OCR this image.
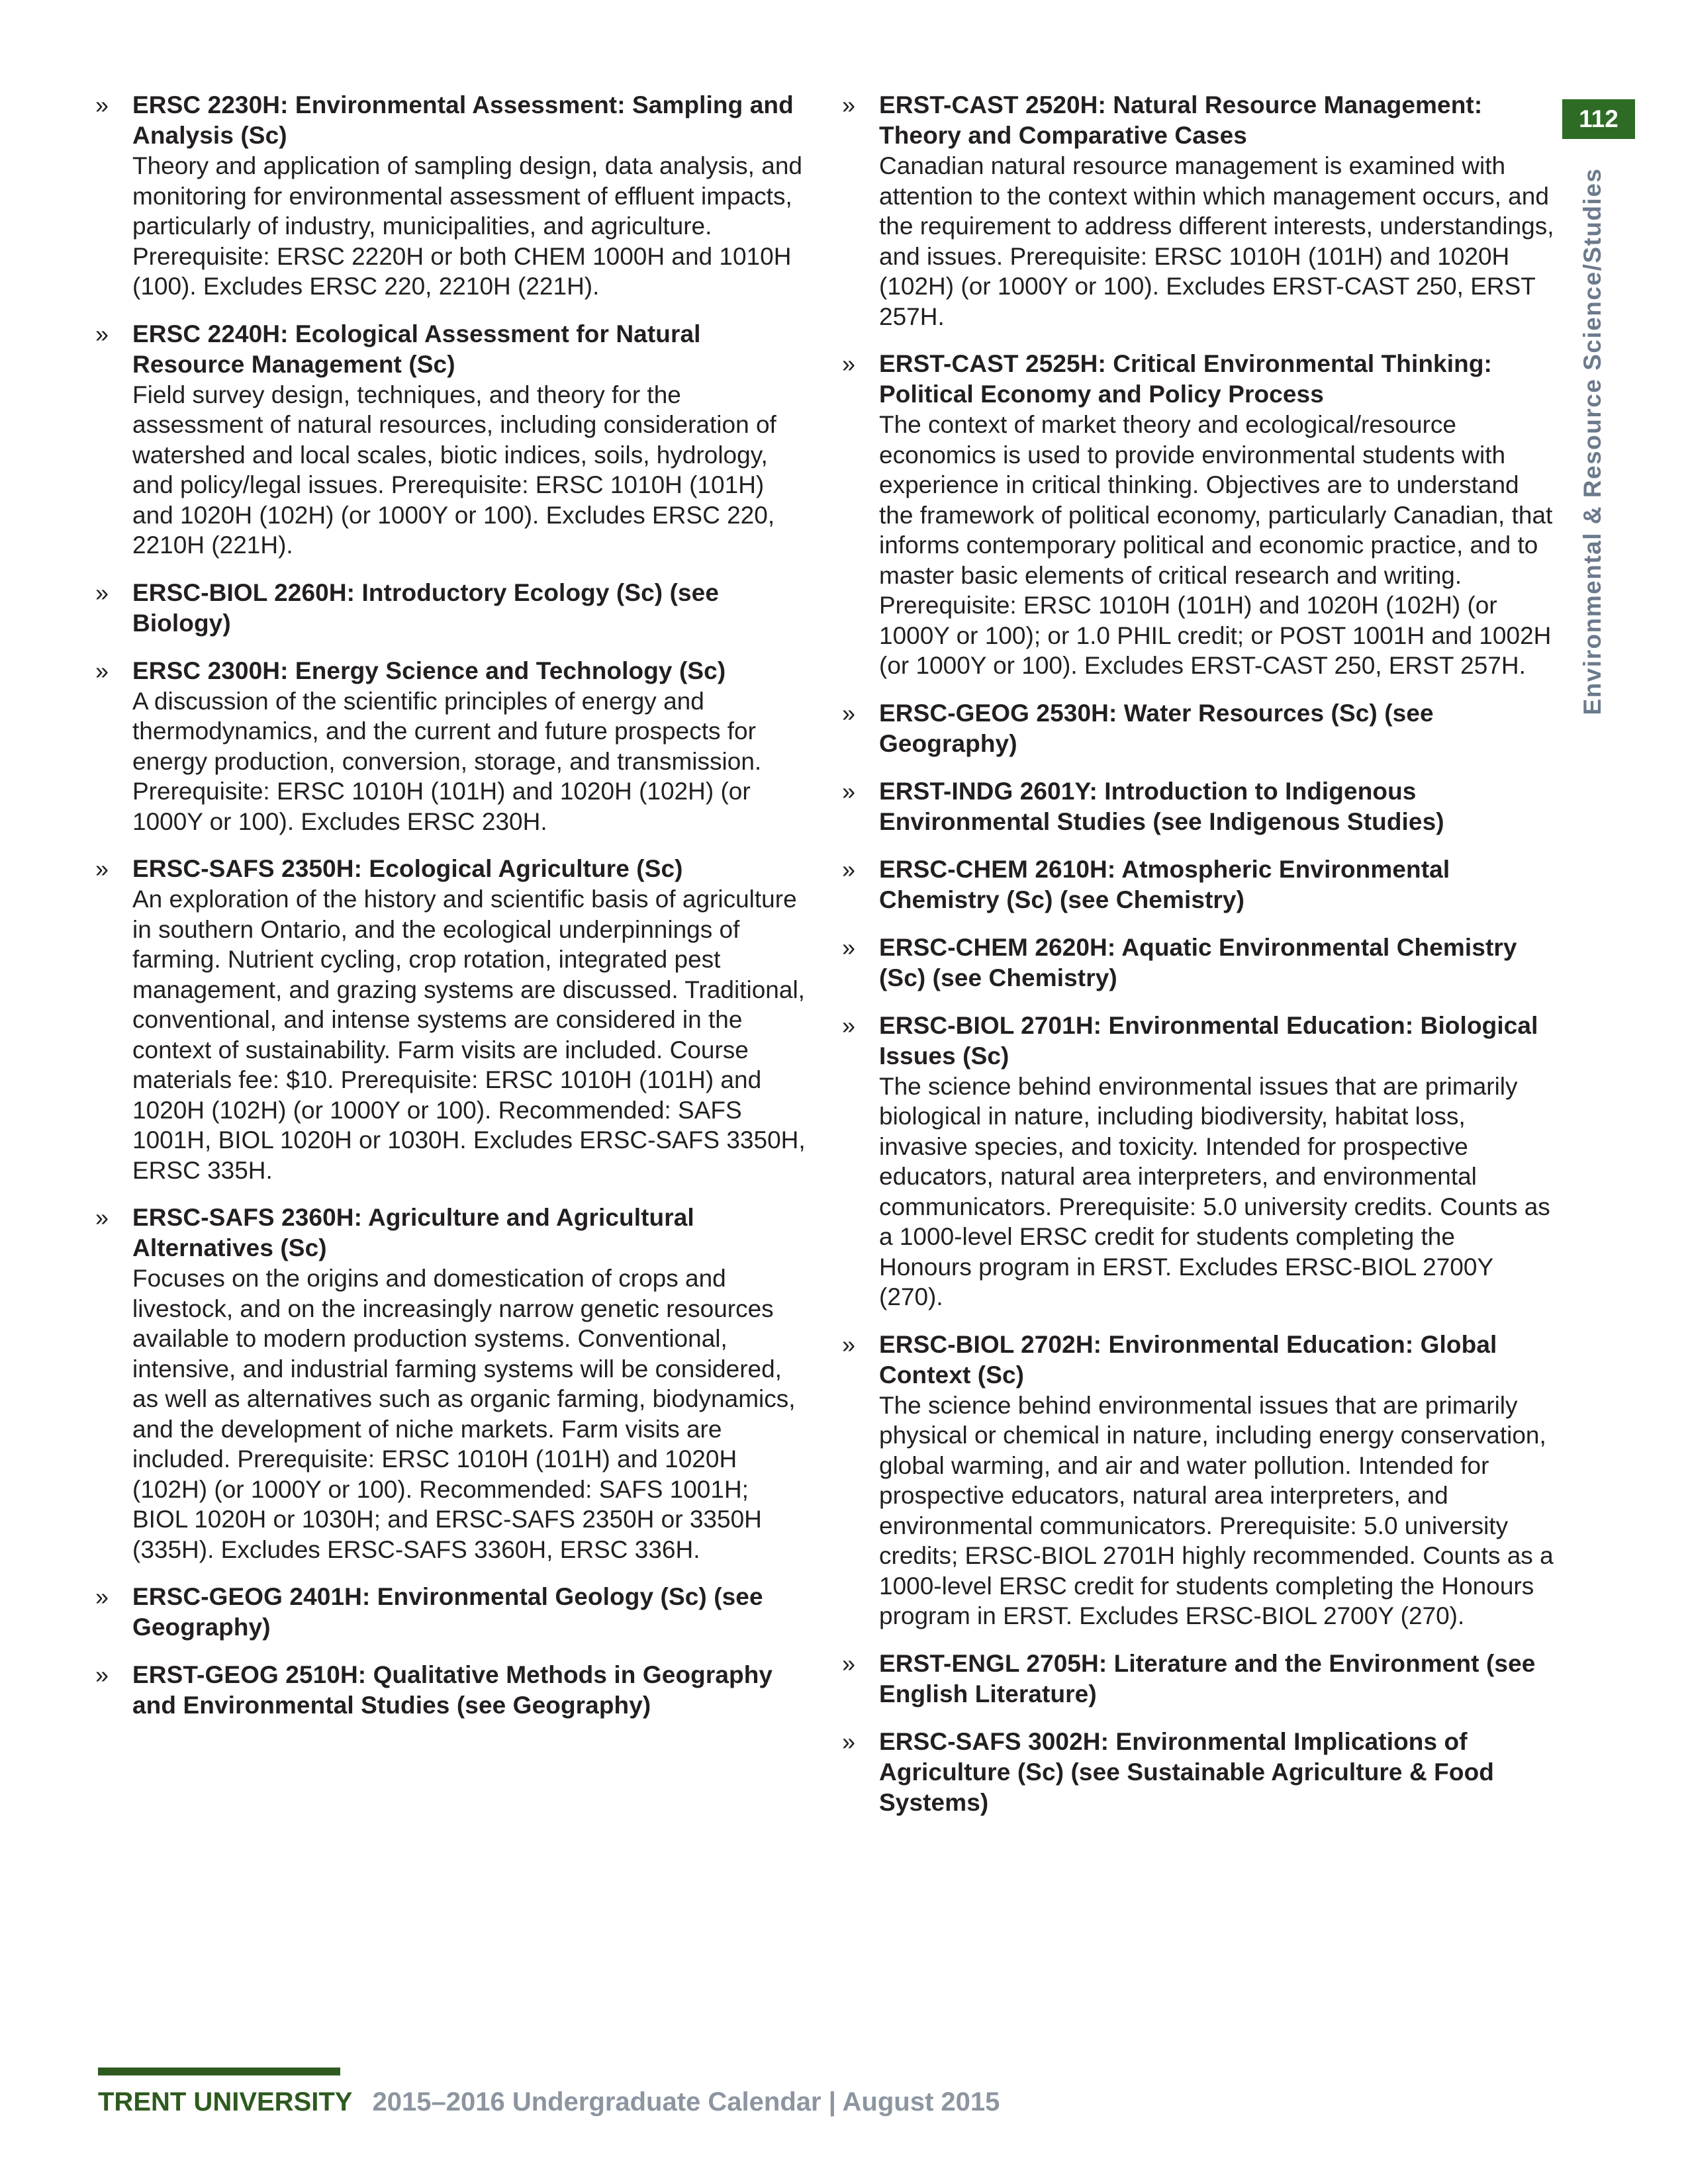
» ERSC 2230H: Environmental Assessment: Sampling and Analysis (Sc)
Theory and application of sampling design, data analysis, and monitoring for environmental assessment of effluent impacts, particularly of industry, municipalities, and agriculture. Prerequisite: ERSC 2220H or both CHEM 1000H and 1010H (100). Excludes ERSC 220, 2210H (221H).
» ERSC 2240H: Ecological Assessment for Natural Resource Management (Sc)
Field survey design, techniques, and theory for the assessment of natural resources, including consideration of watershed and local scales, biotic indices, soils, hydrology, and policy/legal issues. Prerequisite: ERSC 1010H (101H) and 1020H (102H) (or 1000Y or 100). Excludes ERSC 220, 2210H (221H).
» ERSC-BIOL 2260H: Introductory Ecology (Sc) (see Biology)
» ERSC 2300H: Energy Science and Technology (Sc)
A discussion of the scientific principles of energy and thermodynamics, and the current and future prospects for energy production, conversion, storage, and transmission. Prerequisite: ERSC 1010H (101H) and 1020H (102H) (or 1000Y or 100). Excludes ERSC 230H.
» ERSC-SAFS 2350H: Ecological Agriculture (Sc)
An exploration of the history and scientific basis of agriculture in southern Ontario, and the ecological underpinnings of farming. Nutrient cycling, crop rotation, integrated pest management, and grazing systems are discussed. Traditional, conventional, and intense systems are considered in the context of sustainability. Farm visits are included. Course materials fee: $10. Prerequisite: ERSC 1010H (101H) and 1020H (102H) (or 1000Y or 100). Recommended: SAFS 1001H, BIOL 1020H or 1030H. Excludes ERSC-SAFS 3350H, ERSC 335H.
» ERSC-SAFS 2360H: Agriculture and Agricultural Alternatives (Sc)
Focuses on the origins and domestication of crops and livestock, and on the increasingly narrow genetic resources available to modern production systems. Conventional, intensive, and industrial farming systems will be considered, as well as alternatives such as organic farming, biodynamics, and the development of niche markets. Farm visits are included. Prerequisite: ERSC 1010H (101H) and 1020H (102H) (or 1000Y or 100). Recommended: SAFS 1001H; BIOL 1020H or 1030H; and ERSC-SAFS 2350H or 3350H (335H). Excludes ERSC-SAFS 3360H, ERSC 336H.
» ERSC-GEOG 2401H: Environmental Geology (Sc) (see Geography)
» ERST-GEOG 2510H: Qualitative Methods in Geography and Environmental Studies (see Geography)
» ERST-CAST 2520H: Natural Resource Management: Theory and Comparative Cases
Canadian natural resource management is examined with attention to the context within which management occurs, and the requirement to address different interests, understandings, and issues. Prerequisite: ERSC 1010H (101H) and 1020H (102H) (or 1000Y or 100). Excludes ERST-CAST 250, ERST 257H.
» ERST-CAST 2525H: Critical Environmental Thinking: Political Economy and Policy Process
The context of market theory and ecological/resource economics is used to provide environmental students with experience in critical thinking. Objectives are to understand the framework of political economy, particularly Canadian, that informs contemporary political and economic practice, and to master basic elements of critical research and writing. Prerequisite: ERSC 1010H (101H) and 1020H (102H) (or 1000Y or 100); or 1.0 PHIL credit; or POST 1001H and 1002H (or 1000Y or 100). Excludes ERST-CAST 250, ERST 257H.
» ERSC-GEOG 2530H: Water Resources (Sc) (see Geography)
» ERST-INDG 2601Y: Introduction to Indigenous Environmental Studies (see Indigenous Studies)
» ERSC-CHEM 2610H: Atmospheric Environmental Chemistry (Sc) (see Chemistry)
» ERSC-CHEM 2620H: Aquatic Environmental Chemistry (Sc) (see Chemistry)
» ERSC-BIOL 2701H: Environmental Education: Biological Issues (Sc)
The science behind environmental issues that are primarily biological in nature, including biodiversity, habitat loss, invasive species, and toxicity. Intended for prospective educators, natural area interpreters, and environmental communicators. Prerequisite: 5.0 university credits. Counts as a 1000-level ERSC credit for students completing the Honours program in ERST. Excludes ERSC-BIOL 2700Y (270).
» ERSC-BIOL 2702H: Environmental Education: Global Context (Sc)
The science behind environmental issues that are primarily physical or chemical in nature, including energy conservation, global warming, and air and water pollution. Intended for prospective educators, natural area interpreters, and environmental communicators. Prerequisite: 5.0 university credits; ERSC-BIOL 2701H highly recommended. Counts as a 1000-level ERSC credit for students completing the Honours program in ERST. Excludes ERSC-BIOL 2700Y (270).
» ERST-ENGL 2705H: Literature and the Environment (see English Literature)
» ERSC-SAFS 3002H: Environmental Implications of Agriculture (Sc) (see Sustainable Agriculture & Food Systems)
112
Environmental & Resource Science/Studies
TRENT UNIVERSITY 2015–2016 Undergraduate Calendar | August 2015
